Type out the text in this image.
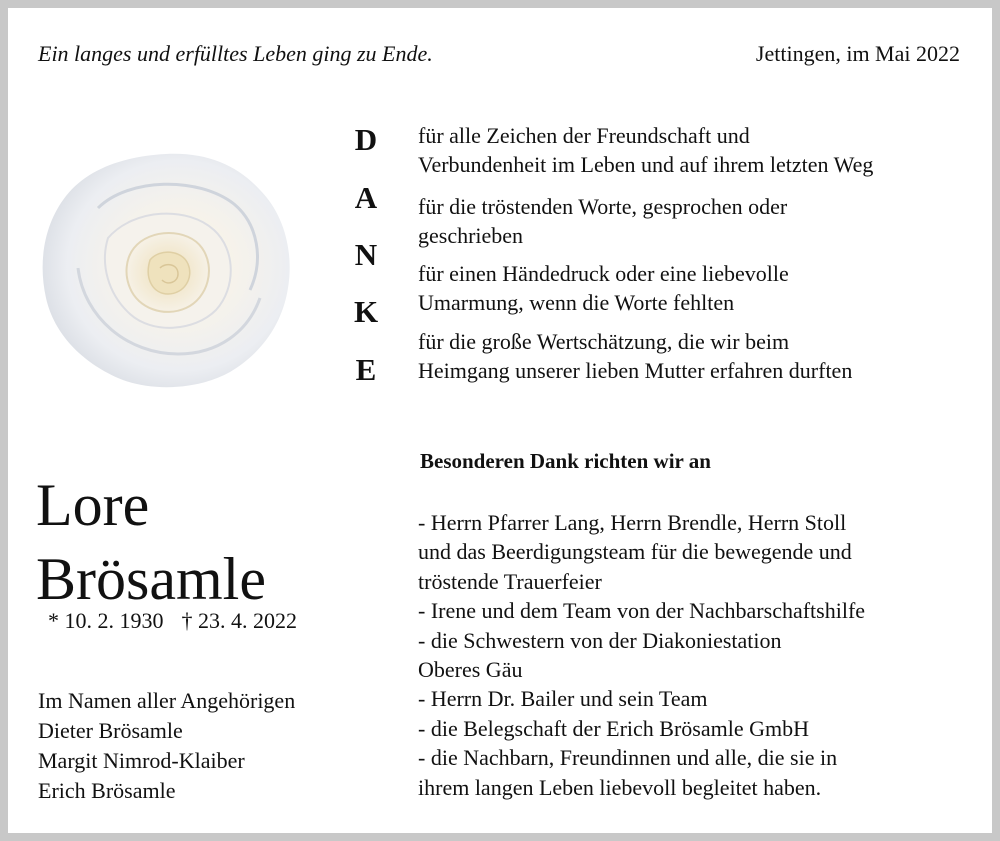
Ein langes und erfülltes Leben ging zu Ende.	Jettingen, im Mai 2022
D
A
N
K
E
für alle Zeichen der Freundschaft und
Verbundenheit im Leben und auf ihrem letzten Weg
für die tröstenden Worte, gesprochen oder
geschrieben
für einen Händedruck oder eine liebevolle
Umarmung, wenn die Worte fehlten
für die große Wertschätzung, die wir beim
Heimgang unserer lieben Mutter erfahren durften
Besonderen Dank richten wir an
- Herrn Pfarrer Lang, Herrn Brendle, Herrn Stoll
und das Beerdigungsteam für die bewegende und
tröstende Trauerfeier
- Irene und dem Team von der Nachbarschaftshilfe
- die Schwestern von der Diakoniestation
Oberes Gäu
- Herrn Dr. Bailer und sein Team
- die Belegschaft der Erich Brösamle GmbH
- die Nachbarn, Freundinnen und alle, die sie in
ihrem langen Leben liebevoll begleitet haben.
Lore
Brösamle
* 10. 2. 1930 † 23. 4. 2022
Im Namen aller Angehörigen
Dieter Brösamle
Margit Nimrod-Klaiber
Erich Brösamle
